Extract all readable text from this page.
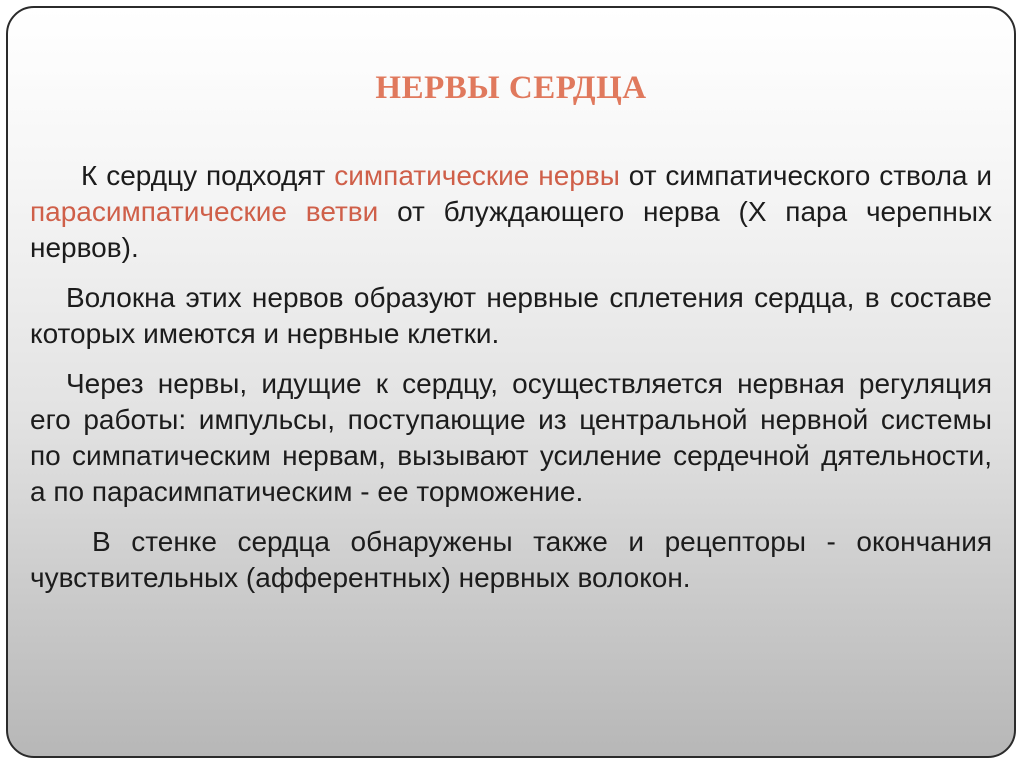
НЕРВЫ СЕРДЦА

К сердцу подходят симпатические нервы от симпатического ствола и парасимпатические ветви от блуждающего нерва (X пара черепных нервов).

Волокна этих нервов образуют нервные сплетения сердца, в составе которых имеются и нервные клетки.

Через нервы, идущие к сердцу, осуществляется нервная регуляция его работы: импульсы, поступающие из центральной нервной системы по симпатическим нервам, вызывают усиление сердечной дятельности, а по парасимпатическим - ее торможение.

В стенке сердца обнаружены также и рецепторы - окончания чувствительных (афферентных) нервных волокон.
